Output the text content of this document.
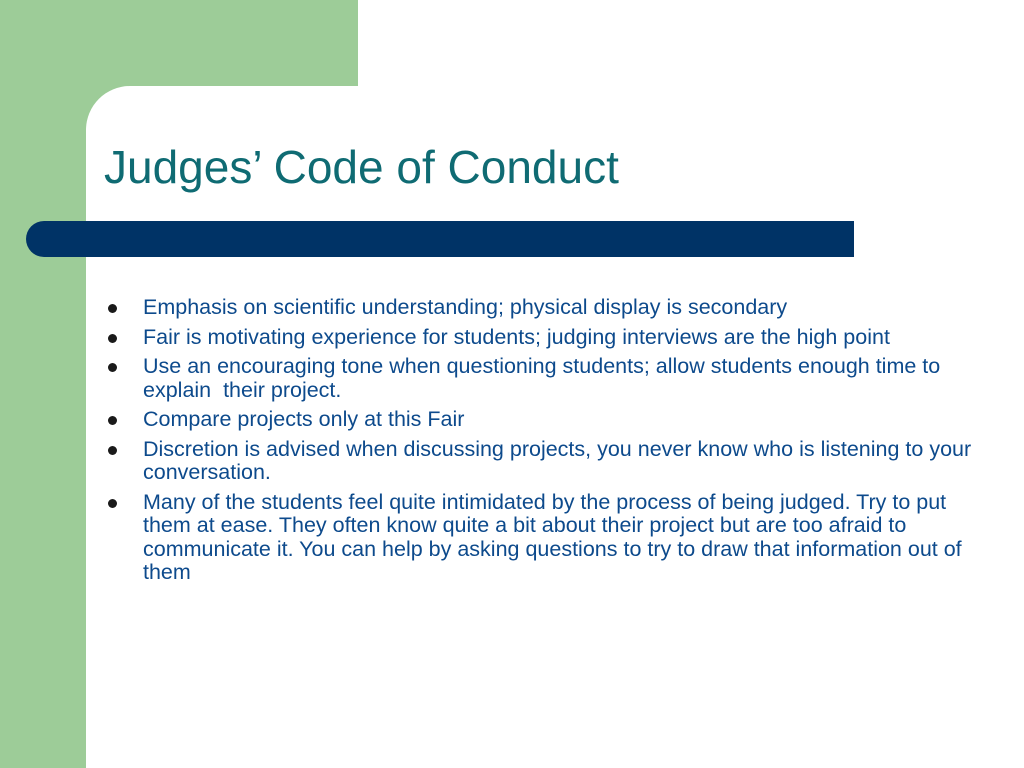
Judges’ Code of Conduct
Emphasis on scientific understanding; physical display is secondary
Fair is motivating experience for students; judging interviews are the high point
Use an encouraging tone when questioning students; allow students enough time to explain  their project.
Compare projects only at this Fair
Discretion is advised when discussing projects, you never know who is listening to your conversation.
Many of the students feel quite intimidated by the process of being judged. Try to put them at ease. They often know quite a bit about their project but are too afraid to communicate it. You can help by asking questions to try to draw that information out of them
